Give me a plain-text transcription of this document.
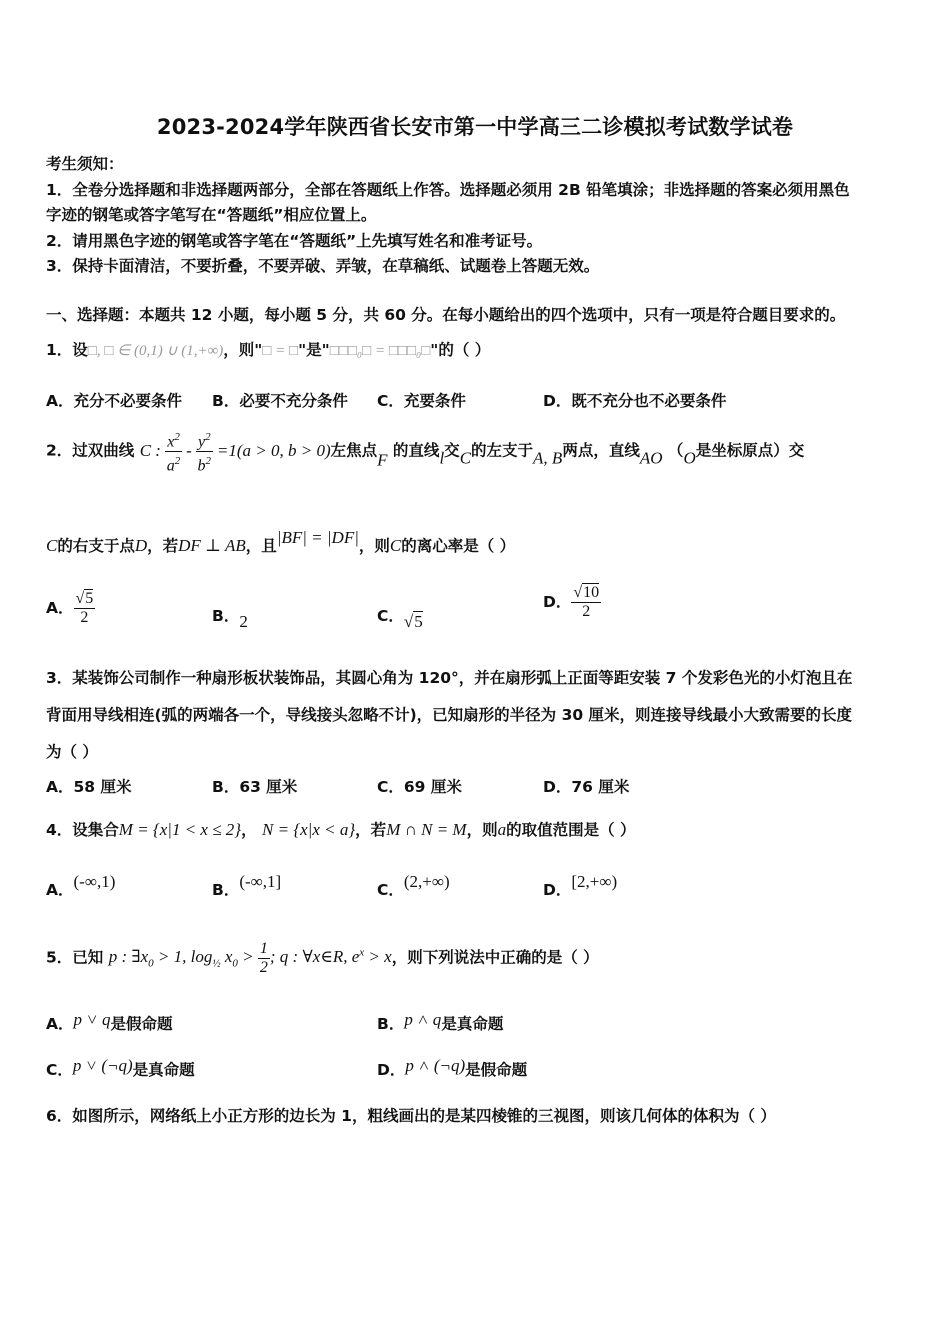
2023-2024学年陕西省长安市第一中学高三二诊模拟考试数学试卷
考生须知：
1．全卷分选择题和非选择题两部分，全部在答题纸上作答。选择题必须用 2B 铅笔填涂；非选择题的答案必须用黑色
字迹的钢笔或答字笔写在“答题纸”相应位置上。
2．请用黑色字迹的钢笔或答字笔在“答题纸”上先填写姓名和准考证号。
3．保持卡面清洁，不要折叠，不要弄破、弄皱，在草稿纸、试题卷上答题无效。
一、选择题：本题共 12 小题，每小题 5 分，共 60 分。在每小题给出的四个选项中，只有一项是符合题目要求的。
1．设□, □ ∈ (0,1) ∪ (1,+∞)，则"□ = □"是"□□□₀□ = □□□₀□"的（ ）
A．充分不必要条件 B．必要不充分条件 C．充要条件	D．既不充分也不必要条件
2．过双曲线 C : $\frac{x^2}{a^2} - \frac{y^2}{b^2} =1(a > 0$, b > 0)左焦点F 的直线l交C的左支于A, B两点，直线AO （O是坐标原点）交
C的右支于点D，若DF ⊥ AB，且|BF| = |DF|，则C的离心率是（ ）
A． $\frac{√5}{2}$	B．2	C．√5
D． $\frac{√10}{2}$
3．某装饰公司制作一种扇形板状装饰品，其圆心角为 120°，并在扇形弧上正面等距安装 7 个发彩色光的小灯泡且在
背面用导线相连(弧的两端各一个，导线接头忽略不计)，已知扇形的半径为 30 厘米，则连接导线最小大致需要的长度
为（ ）
A．58 厘米	B．63 厘米	C．69 厘米	D．76 厘米
4．设集合M = {x|1 < x ≤ 2}， N = {x|x < a}，若M ∩ N = M，则a的取值范围是（ ）
A．(-∞,1)	B．(-∞,1]	C．(2,+∞)	D．[2,+∞)
5．已知 p : $\exists x_0 > 1$, $\log_{\frac{1}{2}} x_0 > \frac{1}{2}$ ; q : ∀x∈R, $e^x > x$，则下列说法中正确的是（ ）
A．p ˅ q是假命题	B．p ˄ q是真命题
C．p ˅ (¬q)是真命题	D．p ˄ (¬q)是假命题
6．如图所示，网络纸上小正方形的边长为 1，粗线画出的是某四棱锥的三视图，则该几何体的体积为（ ）
